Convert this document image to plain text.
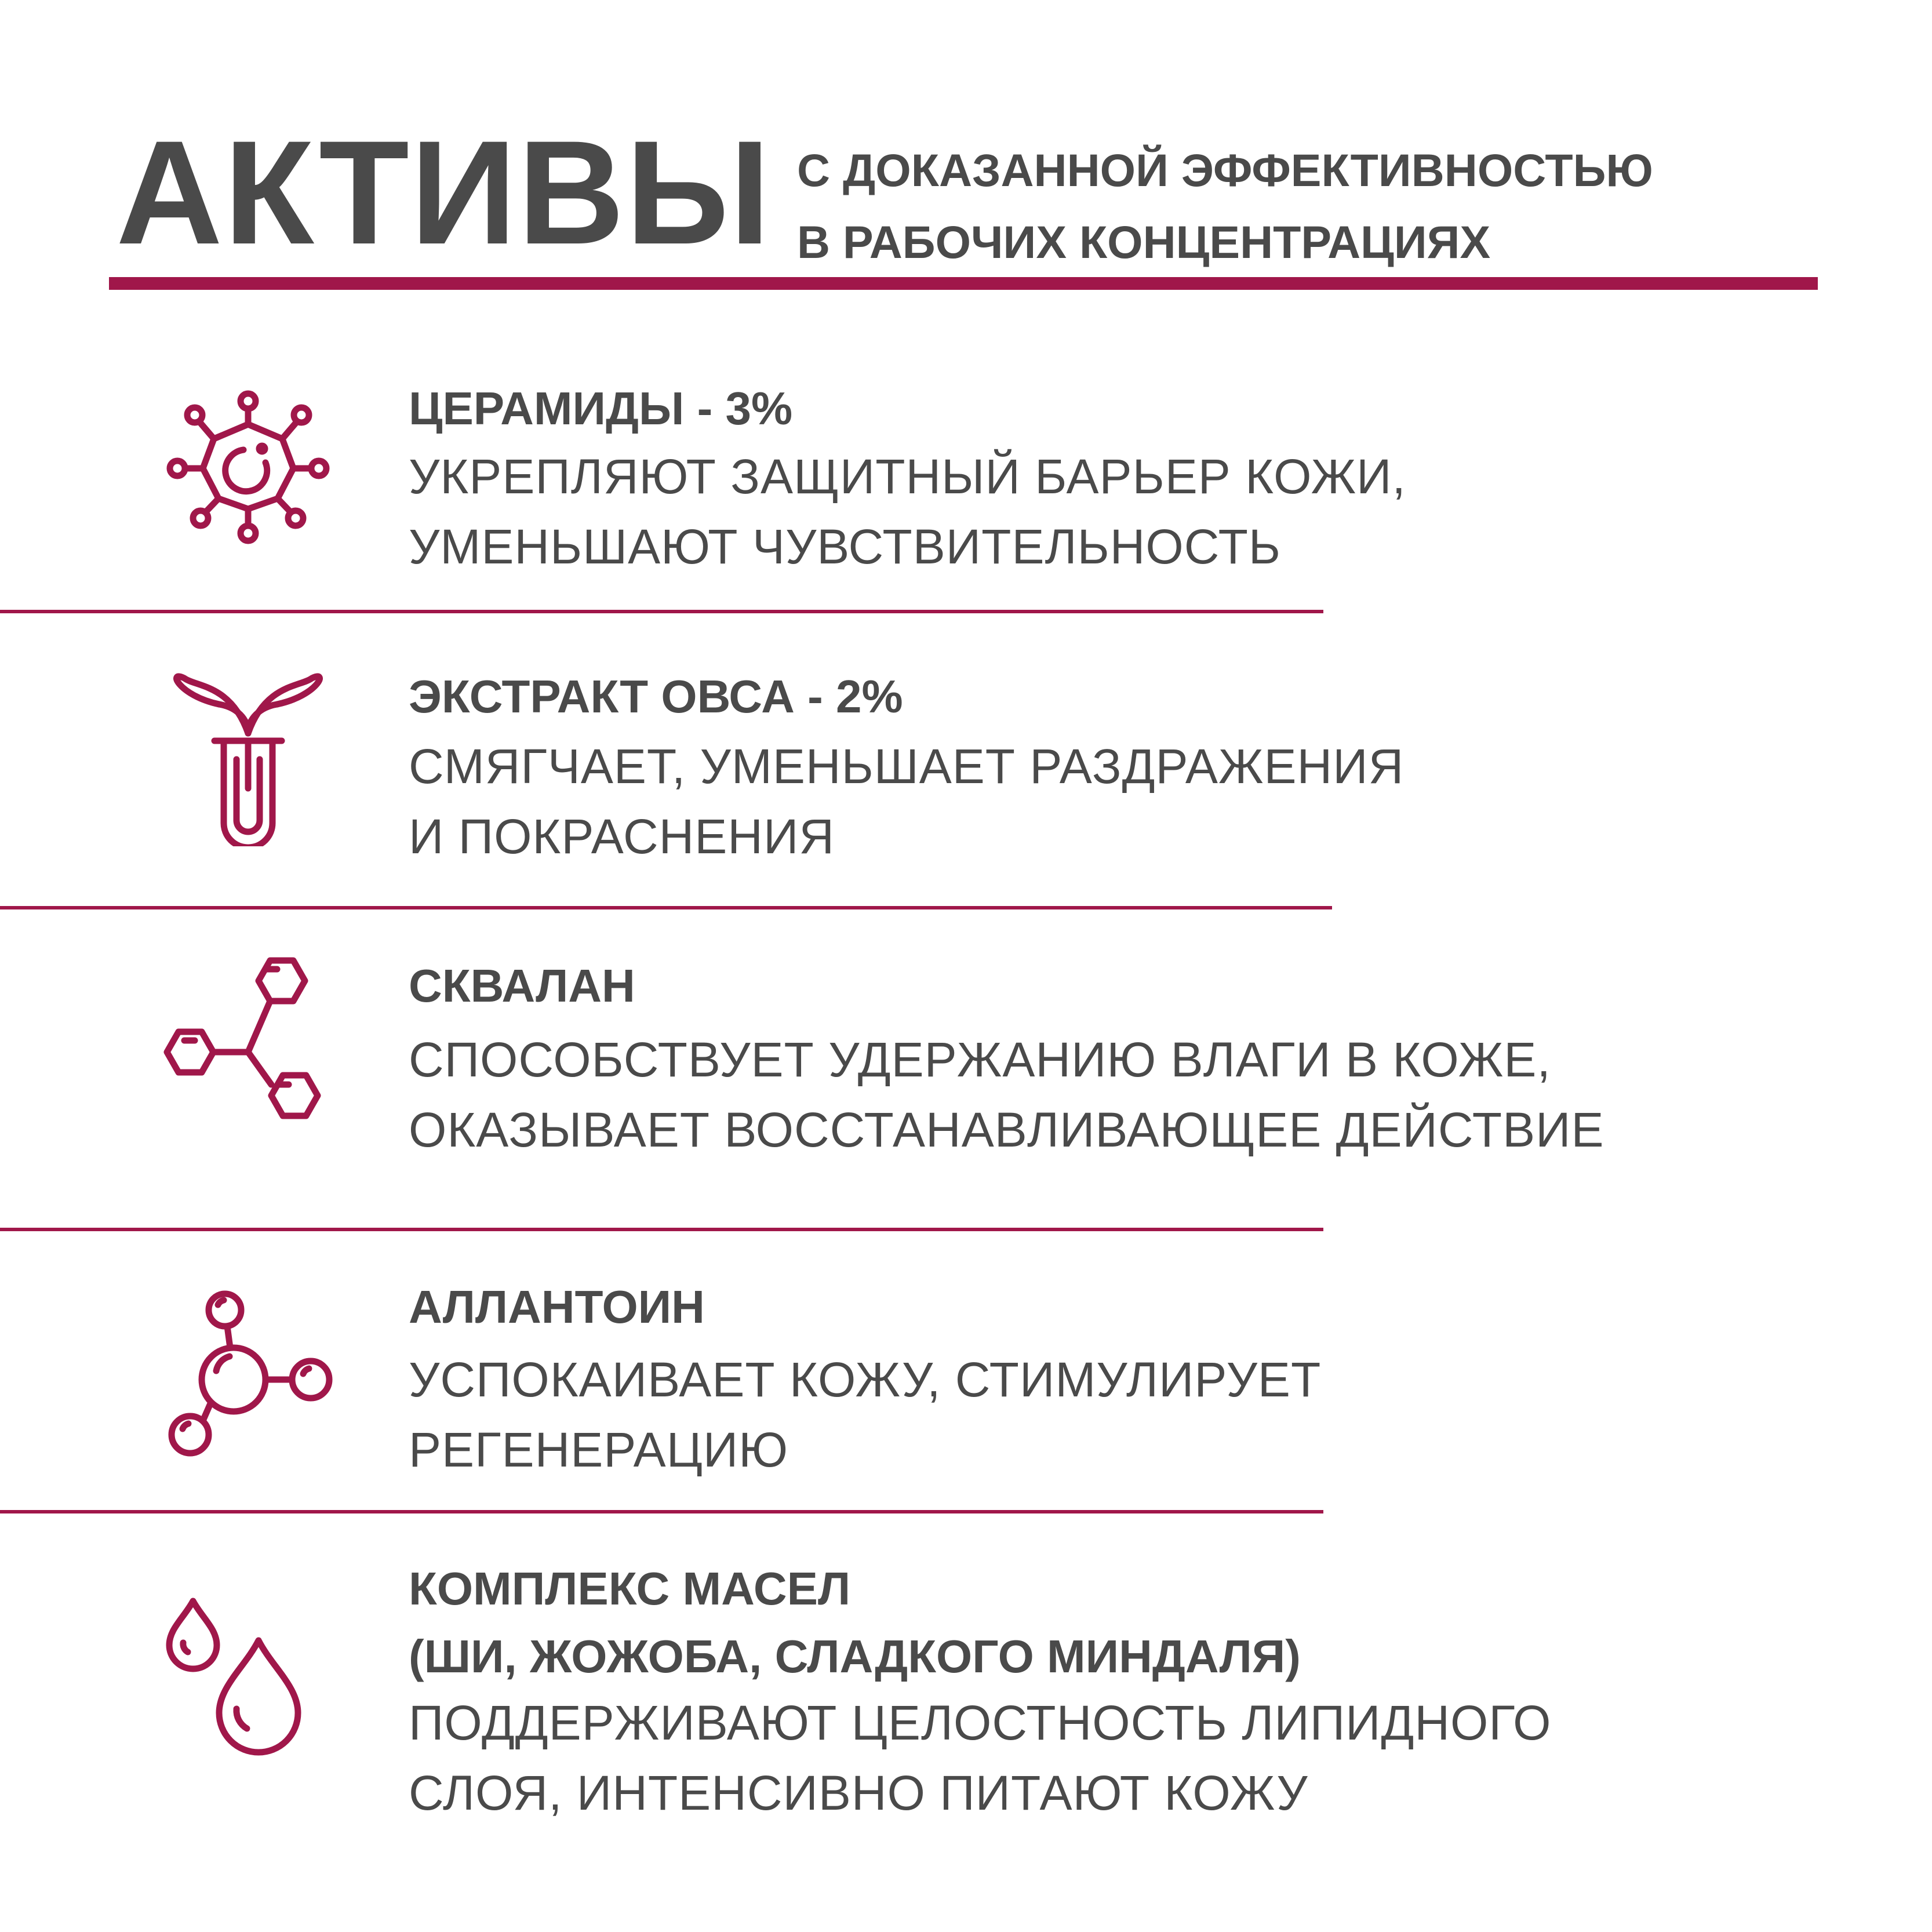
АКТИВЫ С ДОКАЗАННОЙ ЭФФЕКТИВНОСТЬЮ
В РАБОЧИХ КОНЦЕНТРАЦИЯХ
ЦЕРАМИДЫ - 3%
УКРЕПЛЯЮТ ЗАЩИТНЫЙ БАРЬЕР КОЖИ,
УМЕНЬШАЮТ ЧУВСТВИТЕЛЬНОСТЬ
ЭКСТРАКТ ОВСА - 2%
СМЯГЧАЕТ, УМЕНЬШАЕТ РАЗДРАЖЕНИЯ
И ПОКРАСНЕНИЯ
СКВАЛАН
СПОСОБСТВУЕТ УДЕРЖАНИЮ ВЛАГИ В КОЖЕ,
ОКАЗЫВАЕТ ВОССТАНАВЛИВАЮЩЕЕ ДЕЙСТВИЕ
АЛЛАНТОИН
УСПОКАИВАЕТ КОЖУ, СТИМУЛИРУЕТ
РЕГЕНЕРАЦИЮ
КОМПЛЕКС МАСЕЛ
(ШИ, ЖОЖОБА, СЛАДКОГО МИНДАЛЯ)
ПОДДЕРЖИВАЮТ ЦЕЛОСТНОСТЬ ЛИПИДНОГО
СЛОЯ, ИНТЕНСИВНО ПИТАЮТ КОЖУ
